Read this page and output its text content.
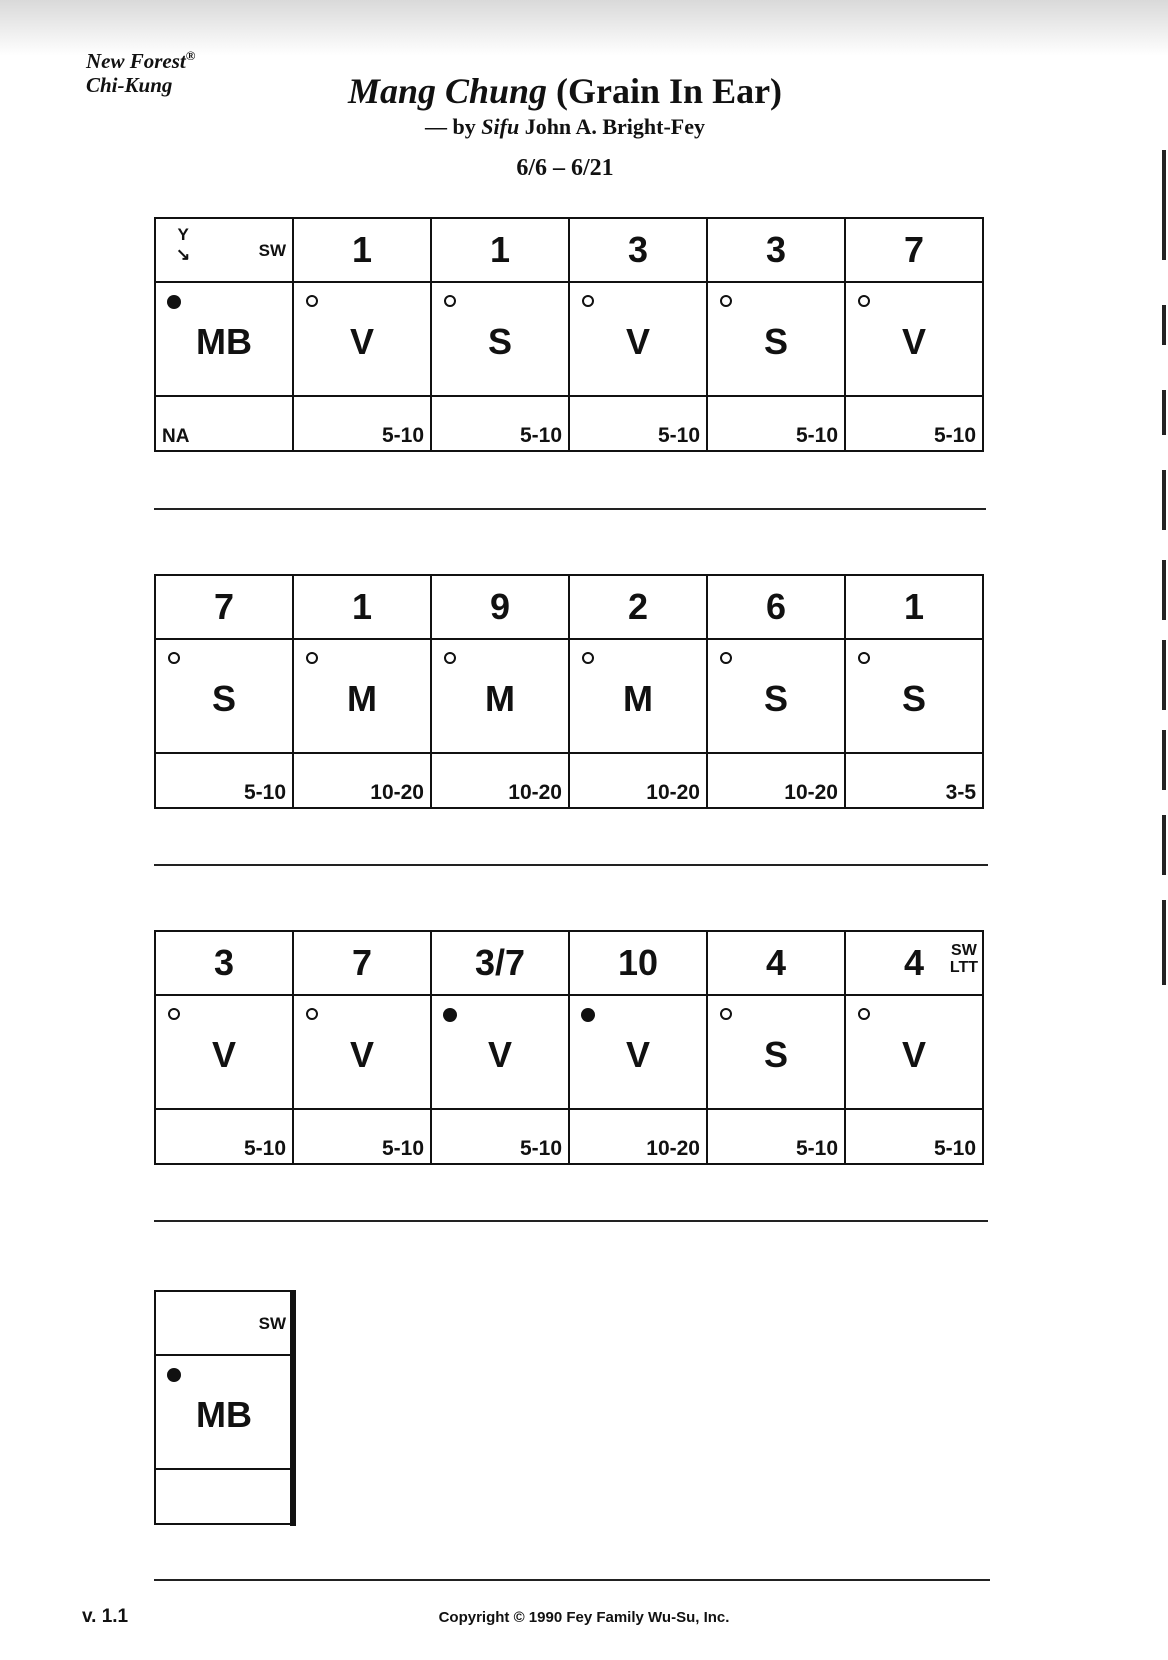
New Forest®
Chi-Kung	Mang Chung (Grain In Ear)
— by Sifu John A. Bright-Fey
6/6 – 6/21
Y
↘ SW	1	1	3	3	7

MB	V	S	V	S	V

NA	5-10	5-10	5-10	5-10	5-10
7	1	9	2	6	1

S	M	M	M	S	S

5-10	10-20	10-20	10-20	10-20	3-5
3	7	3/7	10	4	4 SW
LTT

V	V	V	V	S	V

5-10	5-10	5-10	10-20	5-10	5-10
SW

MB

v. 1.1	Copyright © 1990 Fey Family Wu-Su, Inc.
